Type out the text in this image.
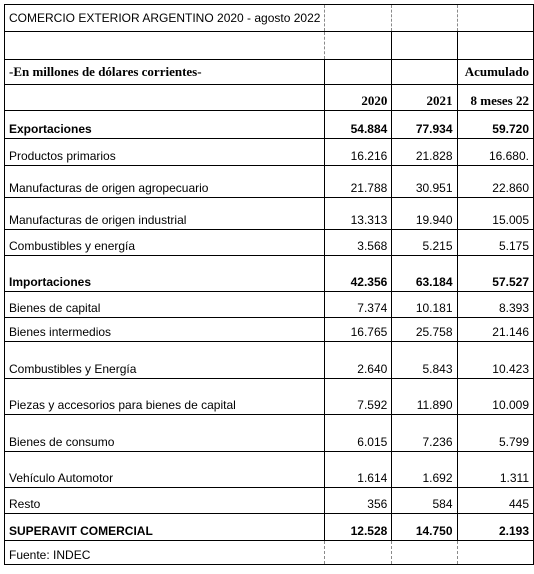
COMERCIO EXTERIOR ARGENTINO 2020 - agosto 2022			

-En millones de dólares corrientes-			Acumulado
	2020	2021	8 meses 22
Exportaciones	54.884	77.934	59.720
Productos primarios	16.216	21.828	16.680.
Manufacturas de origen agropecuario	21.788	30.951	22.860
Manufacturas de origen industrial	13.313	19.940	15.005
Combustibles y energía	3.568	5.215	5.175
Importaciones	42.356	63.184	57.527
Bienes de capital	7.374	10.181	8.393
Bienes intermedios	16.765	25.758	21.146
Combustibles y Energía	2.640	5.843	10.423
Piezas y accesorios para bienes de capital	7.592	11.890	10.009
Bienes de consumo	6.015	7.236	5.799
Vehículo Automotor	1.614	1.692	1.311
Resto	356	584	445
SUPERAVIT COMERCIAL	12.528	14.750	2.193
Fuente: INDEC			
